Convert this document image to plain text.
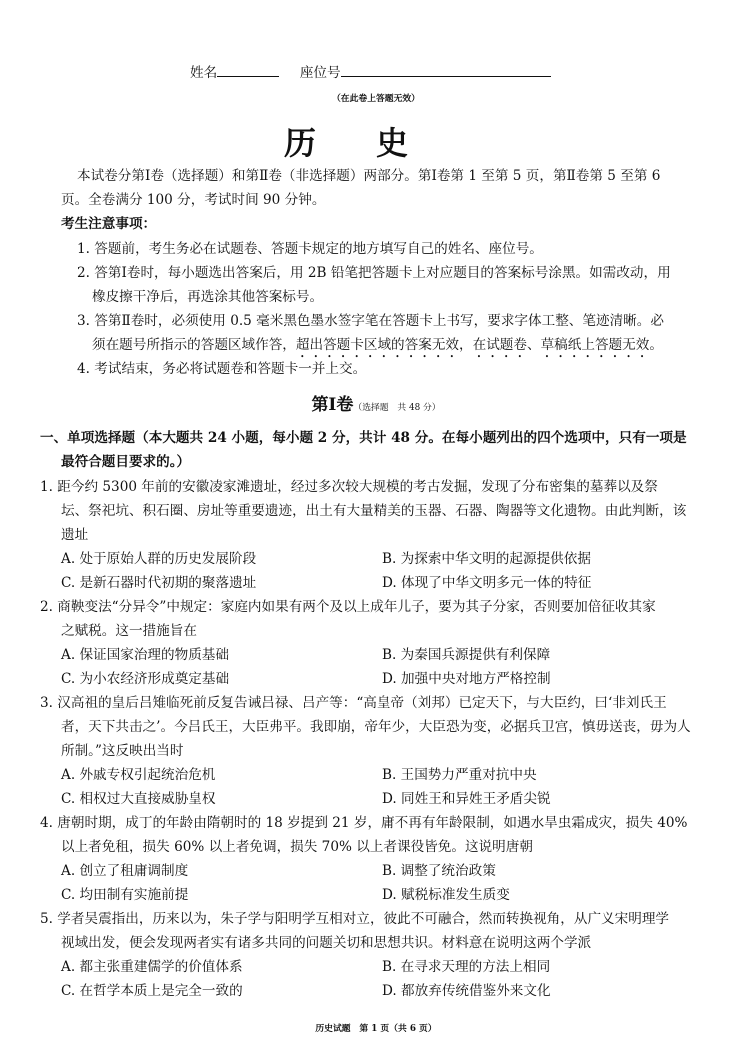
姓名	座位号
（在此卷上答题无效）
历史
本试卷分第Ⅰ卷（选择题）和第Ⅱ卷（非选择题）两部分。第Ⅰ卷第 1 至第 5 页，第Ⅱ卷第 5 至第 6
页。全卷满分 100 分，考试时间 90 分钟。
考生注意事项：
1. 答题前，考生务必在试题卷、答题卡规定的地方填写自己的姓名、座位号。
2. 答第Ⅰ卷时，每小题选出答案后，用 2B 铅笔把答题卡上对应题目的答案标号涂黑。如需改动，用
橡皮擦干净后，再选涂其他答案标号。
3. 答第Ⅱ卷时，必须使用 0.5 毫米黑色墨水签字笔在答题卡上书写，要求字体工整、笔迹清晰。必
须在题号所指示的答题区域作答，超出答题卡区域的答案无效，在试题卷、草稿纸上答题无效。
4. 考试结束，务必将试题卷和答题卡一并上交。
第Ⅰ卷（选择题　共 48 分）
一、单项选择题（本大题共 24 小题，每小题 2 分，共计 48 分。在每小题列出的四个选项中，只有一项是
最符合题目要求的。）
1. 距今约 5300 年前的安徽凌家滩遗址，经过多次较大规模的考古发掘，发现了分布密集的墓葬以及祭
坛、祭祀坑、积石圈、房址等重要遗迹，出土有大量精美的玉器、石器、陶器等文化遗物。由此判断，该
遗址
A. 处于原始人群的历史发展阶段	B. 为探索中华文明的起源提供依据
C. 是新石器时代初期的聚落遗址	D. 体现了中华文明多元一体的特征
2. 商鞅变法“分异令”中规定：家庭内如果有两个及以上成年儿子，要为其子分家，否则要加倍征收其家
之赋税。这一措施旨在
A. 保证国家治理的物质基础	B. 为秦国兵源提供有利保障
C. 为小农经济形成奠定基础	D. 加强中央对地方严格控制
3. 汉高祖的皇后吕雉临死前反复告诫吕禄、吕产等：“高皇帝（刘邦）已定天下，与大臣约，曰‘非刘氏王
者，天下共击之’。今吕氏王，大臣弗平。我即崩，帝年少，大臣恐为变，必据兵卫宫，慎毋送丧，毋为人
所制。”这反映出当时
A. 外戚专权引起统治危机	B. 王国势力严重对抗中央
C. 相权过大直接威胁皇权	D. 同姓王和异姓王矛盾尖锐
4. 唐朝时期，成丁的年龄由隋朝时的 18 岁提到 21 岁，庸不再有年龄限制，如遇水旱虫霜成灾，损失 40%
以上者免租，损失 60% 以上者免调，损失 70% 以上者课役皆免。这说明唐朝
A. 创立了租庸调制度	B. 调整了统治政策
C. 均田制有实施前提	D. 赋税标准发生质变
5. 学者吴震指出，历来以为，朱子学与阳明学互相对立，彼此不可融合，然而转换视角，从广义宋明理学
视域出发，便会发现两者实有诸多共同的问题关切和思想共识。材料意在说明这两个学派
A. 都主张重建儒学的价值体系	B. 在寻求天理的方法上相同
C. 在哲学本质上是完全一致的	D. 都放弃传统借鉴外来文化
历史试题　第 1 页（共 6 页）
